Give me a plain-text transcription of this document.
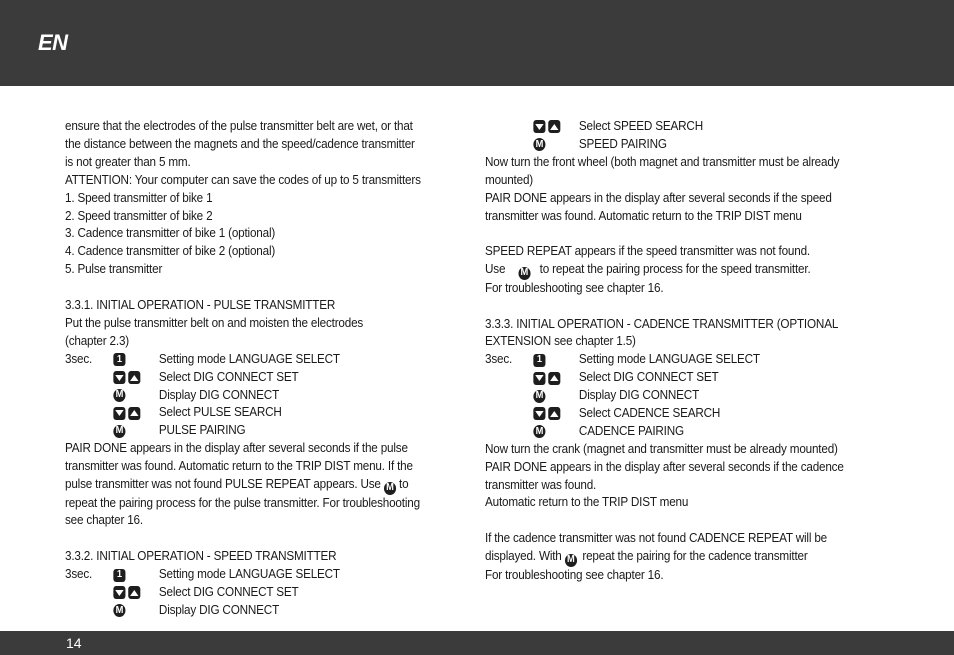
EN
ensure that the electrodes of the pulse transmitter belt are wet, or that
the distance between the magnets and the speed/cadence transmitter
is not greater than 5 mm.
ATTENTION: Your computer can save the codes of up to 5 transmitters
1. Speed transmitter of bike 1
2. Speed transmitter of bike 2
3. Cadence transmitter of bike 1 (optional)
4. Cadence transmitter of bike 2 (optional)
5. Pulse transmitter
3.3.1. INITIAL OPERATION - PULSE TRANSMITTER
Put the pulse transmitter belt on and moisten the electrodes
(chapter 2.3)
3sec.	1	Setting mode LANGUAGE SELECT
Select DIG CONNECT SET
M	Display DIG CONNECT
Select PULSE SEARCH
M	PULSE PAIRING
PAIR DONE appears in the display after several seconds if the pulse
transmitter was found. Automatic return to the TRIP DIST menu. If the
pulse transmitter was not found PULSE REPEAT appears. Use M to
repeat the pairing process for the pulse transmitter. For troubleshooting
see chapter 16.
3.3.2. INITIAL OPERATION - SPEED TRANSMITTER
3sec.	1	Setting mode LANGUAGE SELECT
Select DIG CONNECT SET
M	Display DIG CONNECT
Select SPEED SEARCH
M	SPEED PAIRING
Now turn the front wheel (both magnet and transmitter must be already
mounted)
PAIR DONE appears in the display after several seconds if the speed
transmitter was found. Automatic return to the TRIP DIST menu
SPEED REPEAT appears if the speed transmitter was not found.
Use M to repeat the pairing process for the speed transmitter.
For troubleshooting see chapter 16.
3.3.3. INITIAL OPERATION - CADENCE TRANSMITTER (OPTIONAL
EXTENSION see chapter 1.5)
3sec.	1	Setting mode LANGUAGE SELECT
Select DIG CONNECT SET
M	Display DIG CONNECT
Select CADENCE SEARCH
M	CADENCE PAIRING
Now turn the crank (magnet and transmitter must be already mounted)
PAIR DONE appears in the display after several seconds if the cadence
transmitter was found.
Automatic return to the TRIP DIST menu
If the cadence transmitter was not found CADENCE REPEAT will be
displayed. With M repeat the pairing for the cadence transmitter
For troubleshooting see chapter 16.
14
